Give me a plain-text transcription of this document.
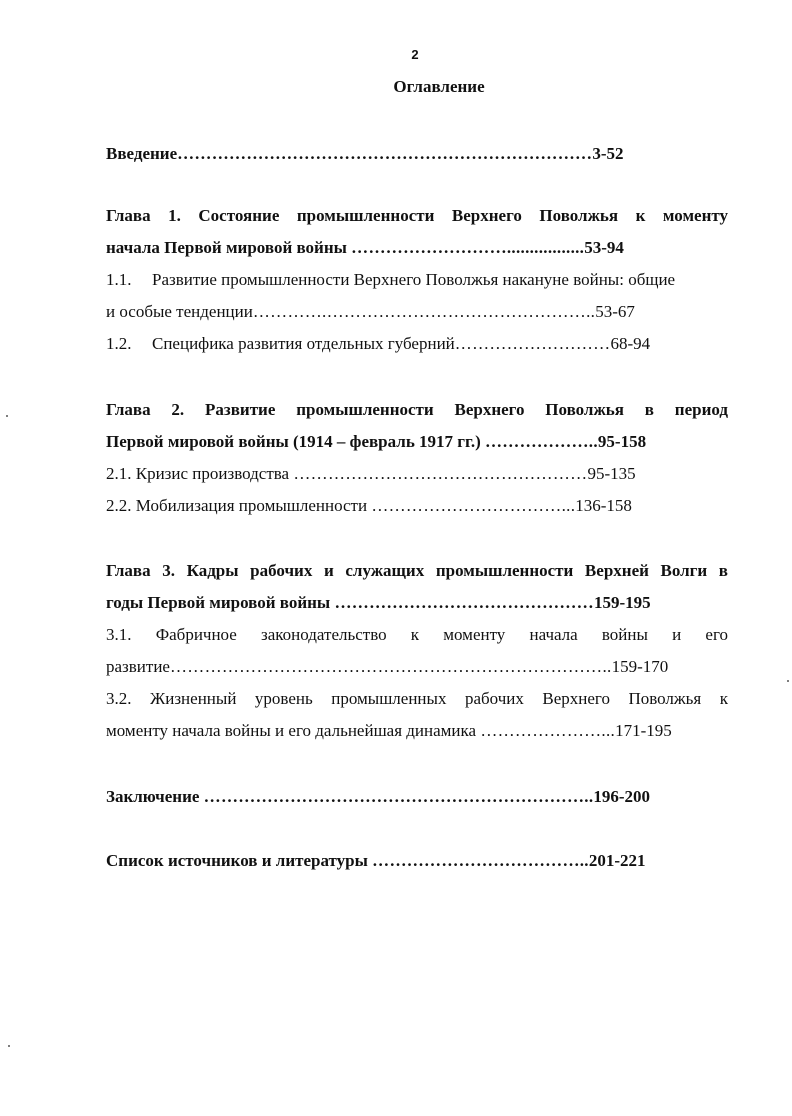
2
Оглавление
Введение………………………………………………………………3-52
Глава 1. Состояние промышленности Верхнего Поволжья к моменту
начала Первой мировой войны ……………………….................53-94
1.1. Развитие промышленности Верхнего Поволжья накануне войны: общие
и особые тенденции………….………………………………………..53-67
1.2. Специфика развития отдельных губерний………………………68-94
Глава 2. Развитие промышленности Верхнего Поволжья в период
Первой мировой войны (1914 – февраль 1917 гг.) ………………..95-158
2.1. Кризис производства ……………………………………………95-135
2.2. Мобилизация промышленности ……………………………...136-158
Глава 3. Кадры рабочих и служащих промышленности Верхней Волги в
годы Первой мировой войны ………………………………………159-195
3.1. Фабричное законодательство к моменту начала войны и его
развитие…………………………………………………………………..159-170
3.2. Жизненный уровень промышленных рабочих Верхнего Поволжья к
моменту начала войны и его дальнейшая динамика …………………...171-195
Заключение …………………………………………………………..196-200
Список источников и литературы ………………………………..201-221
